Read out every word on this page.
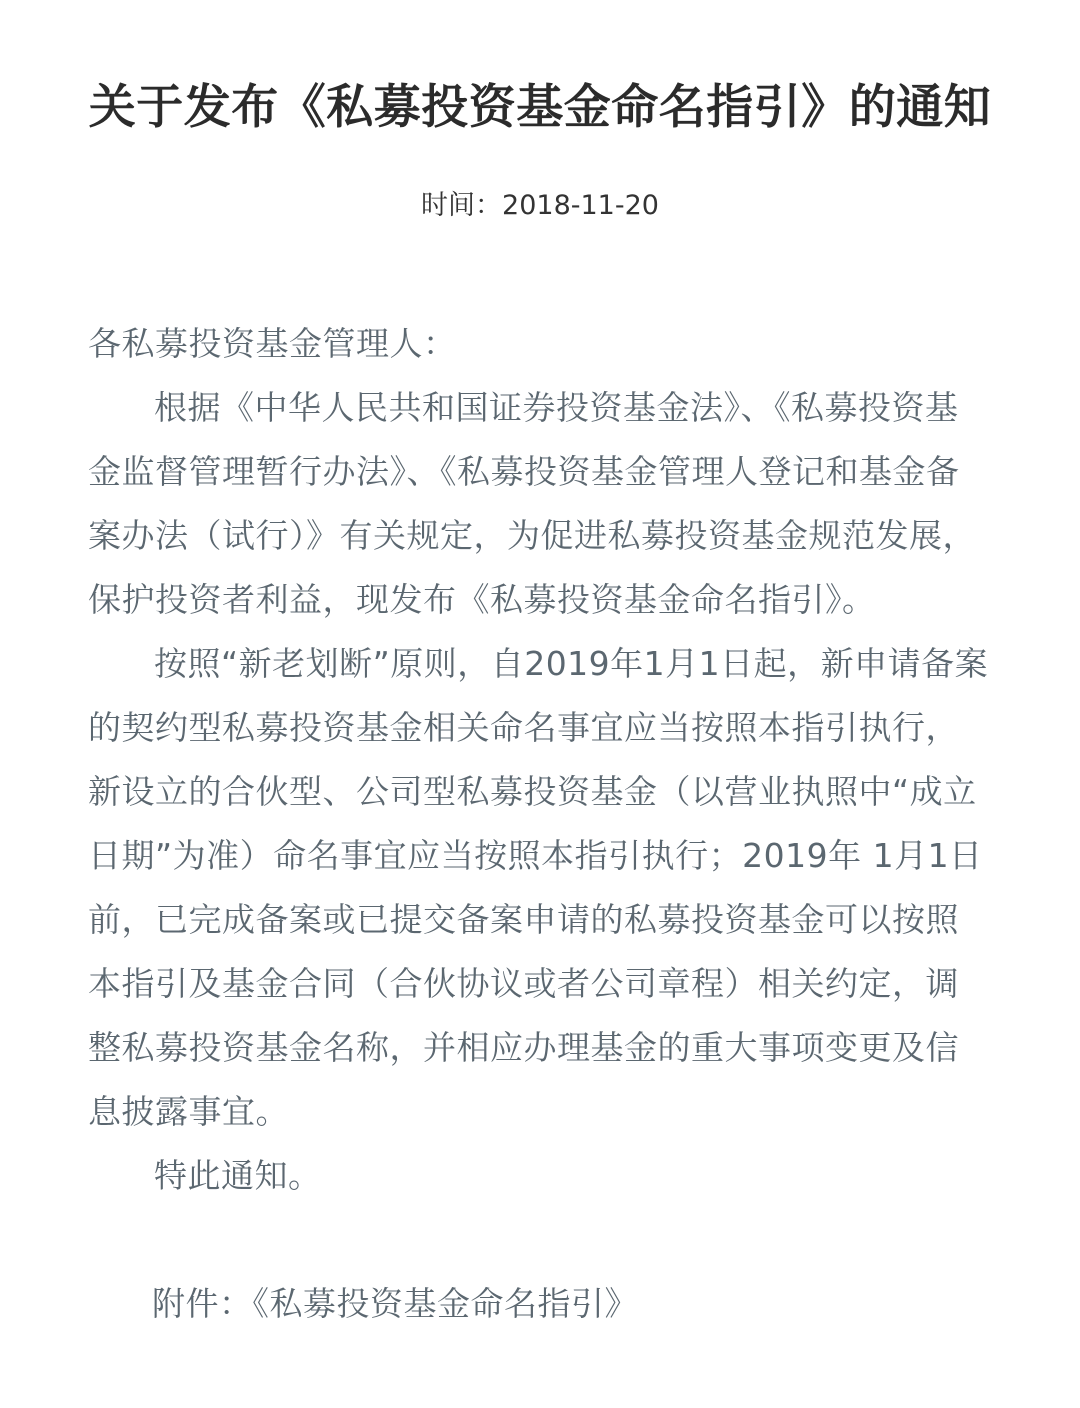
关于发布《私募投资基金命名指引》的通知
时间：2018-11-20

各私募投资基金管理人：

根据《中华人民共和国证券投资基金法》、《私募投资基金监督管理暂行办法》、《私募投资基金管理人登记和基金备案办法（试行）》有关规定，为促进私募投资基金规范发展，保护投资者利益，现发布《私募投资基金命名指引》。

按照“新老划断”原则，自2019年1月1日起，新申请备案的契约型私募投资基金相关命名事宜应当按照本指引执行，新设立的合伙型、公司型私募投资基金（以营业执照中“成立日期”为准）命名事宜应当按照本指引执行；2019年 1月1日前，已完成备案或已提交备案申请的私募投资基金可以按照本指引及基金合同（合伙协议或者公司章程）相关约定，调整私募投资基金名称，并相应办理基金的重大事项变更及信息披露事宜。

特此通知。

附件：《私募投资基金命名指引》
